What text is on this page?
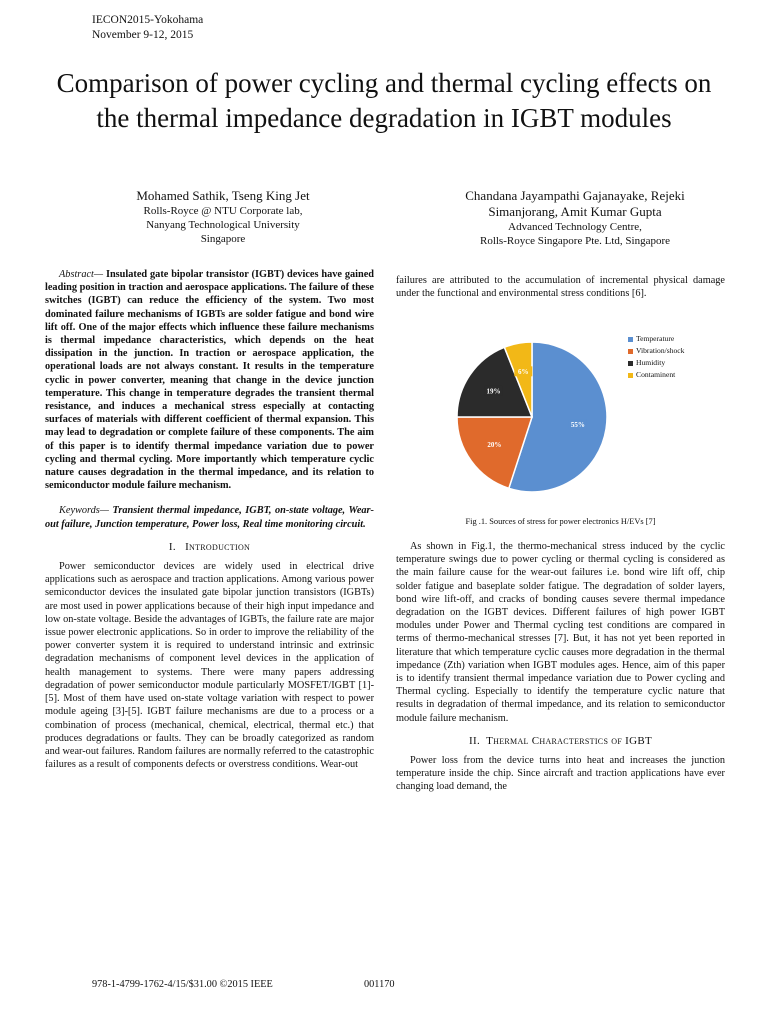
IECON2015-Yokohama
November 9-12, 2015
Comparison of power cycling and thermal cycling effects on the thermal impedance degradation in IGBT modules
Mohamed Sathik, Tseng King Jet
Rolls-Royce @ NTU Corporate lab,
Nanyang Technological University
Singapore
Chandana Jayampathi Gajanayake, Rejeki Simanjorang, Amit Kumar Gupta
Advanced Technology Centre,
Rolls-Royce Singapore Pte. Ltd, Singapore

Abstract— Insulated gate bipolar transistor (IGBT) devices have gained leading position in traction and aerospace applications. The failure of these switches (IGBT) can reduce the efficiency of the system. Two most dominated failure mechanisms of IGBTs are solder fatigue and bond wire lift off. One of the major effects which influence these failure mechanisms is thermal impedance characteristics, which depends on the heat dissipation in the junction. In traction or aerospace application, the operational loads are not always constant. It results in the temperature cyclic in power converter, meaning that change in the device junction temperature. This change in temperature degrades the transient thermal resistance, and induces a mechanical stress especially at contacting surfaces of materials with different coefficient of thermal expansion. This may lead to degradation or complete failure of these components. The aim of this paper is to identify thermal impedance variation due to power cycling and thermal cycling. More importantly which temperature cyclic nature causes degradation in the thermal impedance, and its relation to semiconductor module failure mechanism.

Keywords— Transient thermal impedance, IGBT, on-state voltage, Wear-out failure, Junction temperature, Power loss, Real time monitoring circuit.

I. Introduction

Power semiconductor devices are widely used in electrical drive applications such as aerospace and traction applications. Among various power semiconductor devices the insulated gate bipolar junction transistors (IGBTs) are most used in power applications because of their high input impedance and low on-state voltage. Beside the advantages of IGBTs, the failure rate are major issue power electronic applications. So in order to improve the reliability of the power converter system it is required to understand intrinsic and extrinsic degradation mechanisms of component level devices in the application of health management to systems. There were many papers addressing degradation of power semiconductor module particularly MOSFET/IGBT [1]-[5]. Most of them have used on-state voltage variation with respect to power module ageing [3]-[5]. IGBT failure mechanisms are due to a process or a combination of process (mechanical, chemical, electrical, thermal etc.) that produces degradations or faults. They can be broadly categorized as random and wear-out failures. Random failures are normally referred to the catastrophic failures as a result of components defects or overstress conditions. Wear-out

failures are attributed to the accumulation of incremental physical damage under the functional and environmental stress conditions [6].

55%
20%
19%
6%
Temperature
Vibration/shock
Humidity
Contaminent
Fig .1. Sources of stress for power electronics H/EVs [7]

As shown in Fig.1, the thermo-mechanical stress induced by the cyclic temperature swings due to power cycling or thermal cycling is considered as the main failure cause for the wear-out failures i.e. bond wire lift off, chip solder fatigue and baseplate solder fatigue. The degradation of solder layers, bond wire lift-off, and cracks of bonding causes severe thermal impedance degradation on the IGBT devices. Different failures of high power IGBT modules under Power and Thermal cycling test conditions are compared in terms of thermo-mechanical stresses [7]. But, it has not yet been reported in literature that which temperature cyclic causes more degradation in the thermal impedance (Zth) variation when IGBT modules ages. Hence, aim of this paper is to identify transient thermal impedance variation due to Power cycling and Thermal cycling. Especially to identify the temperature cyclic nature that results in degradation of thermal impedance, and its relation to semiconductor module failure mechanism.

II. Thermal Characterstics of IGBT

Power loss from the device turns into heat and increases the junction temperature inside the chip. Since aircraft and traction applications have ever changing load demand, the

978-1-4799-1762-4/15/$31.00 ©2015 IEEE	001170
